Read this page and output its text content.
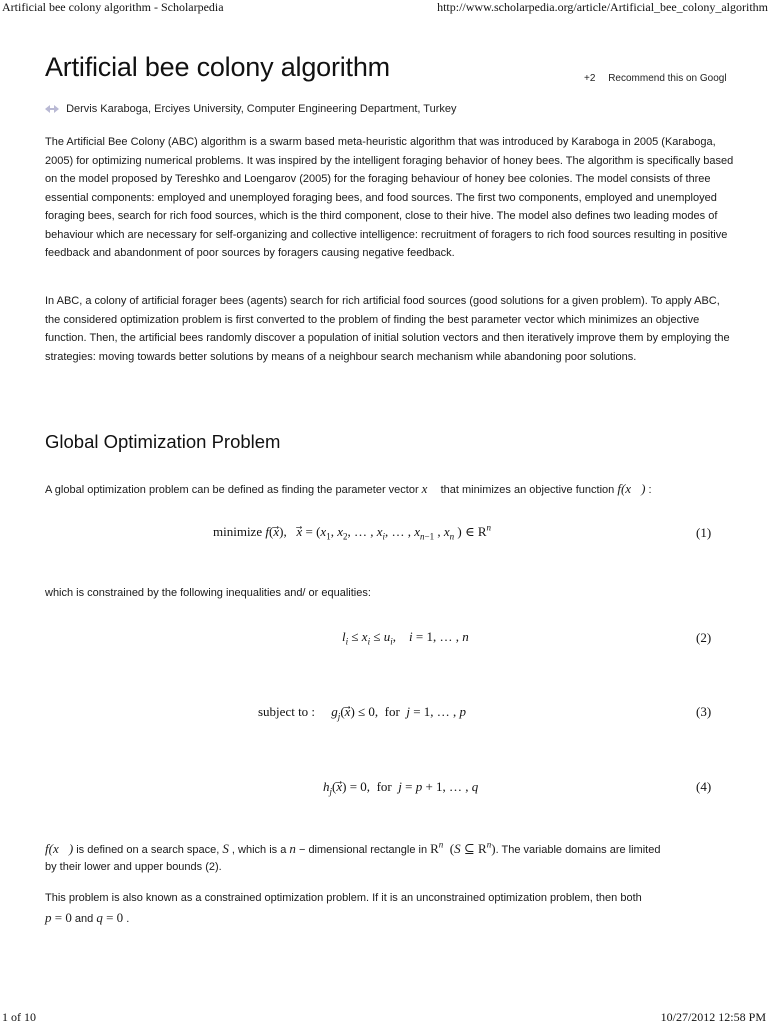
Artificial bee colony algorithm - Scholarpedia	http://www.scholarpedia.org/article/Artificial_bee_colony_algorithm
Artificial bee colony algorithm	+2 Recommend this on Googl
Dervis Karaboga, Erciyes University, Computer Engineering Department, Turkey

The Artificial Bee Colony (ABC) algorithm is a swarm based meta-heuristic algorithm that was introduced by Karaboga in 2005 (Karaboga, 2005) for optimizing numerical problems. It was inspired by the intelligent foraging behavior of honey bees. The algorithm is specifically based on the model proposed by Tereshko and Loengarov (2005) for the foraging behaviour of honey bee colonies. The model consists of three essential components: employed and unemployed foraging bees, and food sources. The first two components, employed and unemployed foraging bees, search for rich food sources, which is the third component, close to their hive. The model also defines two leading modes of behaviour which are necessary for self-organizing and collective intelligence: recruitment of foragers to rich food sources resulting in positive feedback and abandonment of poor sources by foragers causing negative feedback.

In ABC, a colony of artificial forager bees (agents) search for rich artificial food sources (good solutions for a given problem). To apply ABC, the considered optimization problem is first converted to the problem of finding the best parameter vector which minimizes an objective function. Then, the artificial bees randomly discover a population of initial solution vectors and then iteratively improve them by employing the strategies: moving towards better solutions by means of a neighbour search mechanism while abandoning poor solutions.

Global Optimization Problem
A global optimization problem can be defined as finding the parameter vector x⃗ that minimizes an objective function f(x⃗) :
minimize f(x⃗),   x⃗ = ($x_1$, $x_2$, … , $x_i$, … , $x_{n-1}$ , $x_n$ ) ∈ $R^n$	(1)
which is constrained by the following inequalities and/ or equalities:
$l_i \le x_i \le u_i$,    i = 1, … , n	(2)
subject to : $g_j(x⃗) \le 0$,  for j = 1, … , p	(3)
$h_j(x⃗) = 0$,  for j = p + 1, … , q	(4)
f(x⃗) is defined on a search space, S , which is a n − dimensional rectangle in $R^n$  (S ⊆ $R^n$). The variable domains are limited
by their lower and upper bounds (2).
This problem is also known as a constrained optimization problem. If it is an unconstrained optimization problem, then both
p = 0 and q = 0 .
1 of 10	10/27/2012 12:58 PM
